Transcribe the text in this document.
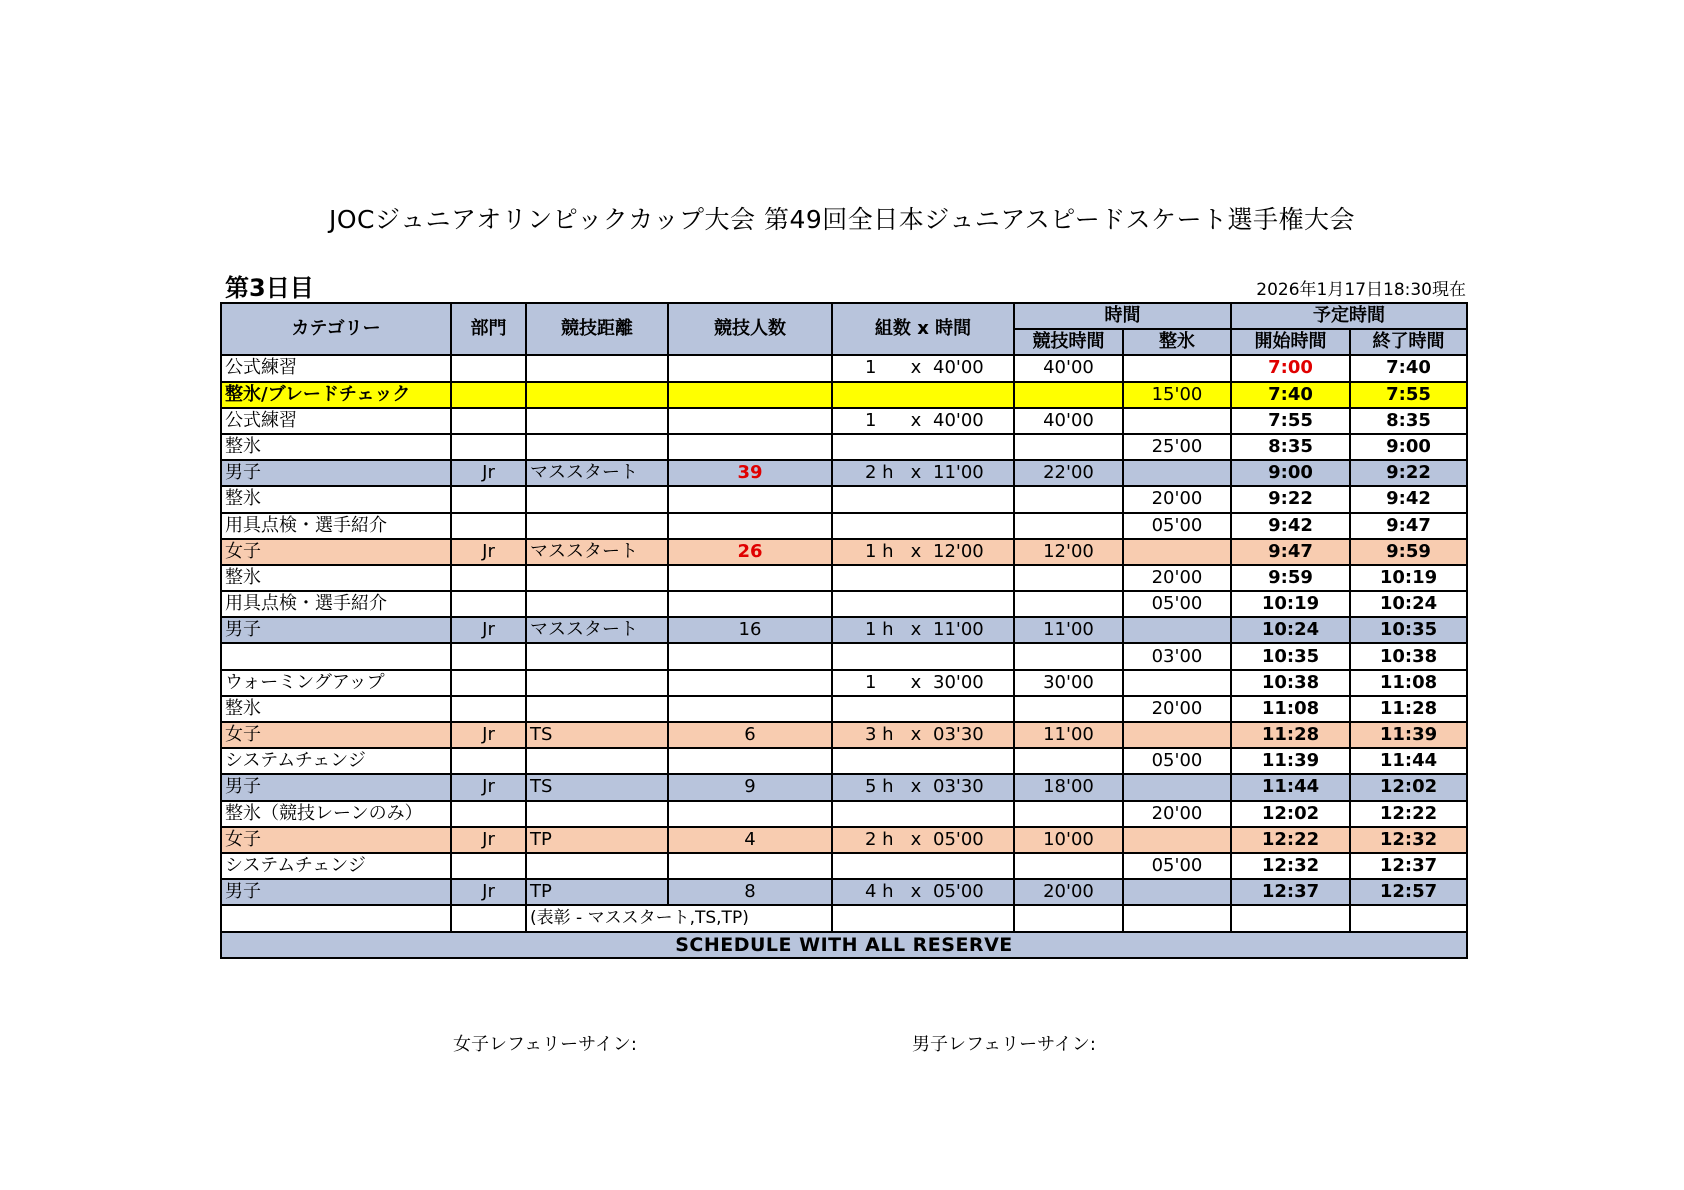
JOCジュニアオリンピックカップ大会 第49回全日本ジュニアスピードスケート選手権大会
第3日目	2026年1月17日18:30現在
カテゴリー	部門	競技距離	競技人数	組数 x 時間	時間		予定時間	
					競技時間	整氷	開始時間	終了時間
公式練習				1 x 40'00	40'00		7:00	7:40
整氷/ブレードチェック						15'00	7:40	7:55
公式練習				1 x 40'00	40'00		7:55	8:35
整氷						25'00	8:35	9:00
男子	Jr	マススタート	39	2 h x 11'00	22'00		9:00	9:22
整氷						20'00	9:22	9:42
用具点検・選手紹介						05'00	9:42	9:47
女子	Jr	マススタート	26	1 h x 12'00	12'00		9:47	9:59
整氷						20'00	9:59	10:19
用具点検・選手紹介						05'00	10:19	10:24
男子	Jr	マススタート	16	1 h x 11'00	11'00		10:24	10:35
						03'00	10:35	10:38
ウォーミングアップ				1 x 30'00	30'00		10:38	11:08
整氷						20'00	11:08	11:28
女子	Jr	TS	6	3 h x 03'30	11'00		11:28	11:39
システムチェンジ						05'00	11:39	11:44
男子	Jr	TS	9	5 h x 03'30	18'00		11:44	12:02
整氷（競技レーンのみ）						20'00	12:02	12:22
女子	Jr	TP	4	2 h x 05'00	10'00		12:22	12:32
システムチェンジ						05'00	12:32	12:37
男子	Jr	TP	8	4 h x 05'00	20'00		12:37	12:57
		(表彰 - マススタート,TS,TP)						
SCHEDULE WITH ALL RESERVE								
女子レフェリーサイン:	男子レフェリーサイン:
